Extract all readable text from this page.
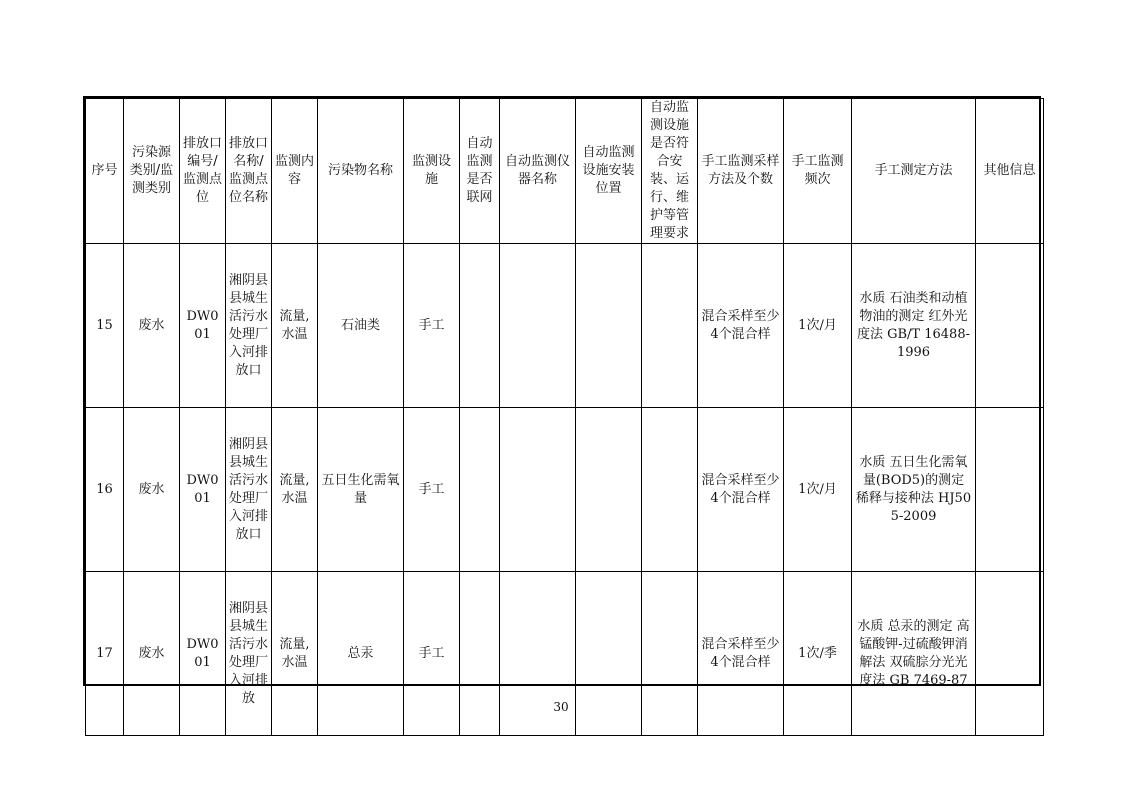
序号	污染源类别/监测类别	排放口编号/监测点位	排放口名称/监测点位名称	监测内容	污染物名称	监测设施	自动监测是否联网	自动监测仪器名称	自动监测设施安装位置	自动监测设施是否符合安装、运行、维护等管理要求	手工监测采样方法及个数	手工监测频次	手工测定方法	其他信息
15	废水	DW001	湘阴县县城生活污水处理厂入河排放口	流量,水温	石油类	手工					混合采样至少4个混合样	1次/月	水质 石油类和动植物油的测定 红外光度法 GB/T 16488-1996	
16	废水	DW001	湘阴县县城生活污水处理厂入河排放口	流量,水温	五日生化需氧量	手工					混合采样至少4个混合样	1次/月	水质 五日生化需氧量(BOD5)的测定 稀释与接种法 HJ505-2009	
17	废水	DW001	湘阴县县城生活污水处理厂入河排放	流量,水温	总汞	手工					混合采样至少4个混合样	1次/季	水质 总汞的测定 高锰酸钾-过硫酸钾消解法 双硫腙分光光度法 GB 7469-87	
30
